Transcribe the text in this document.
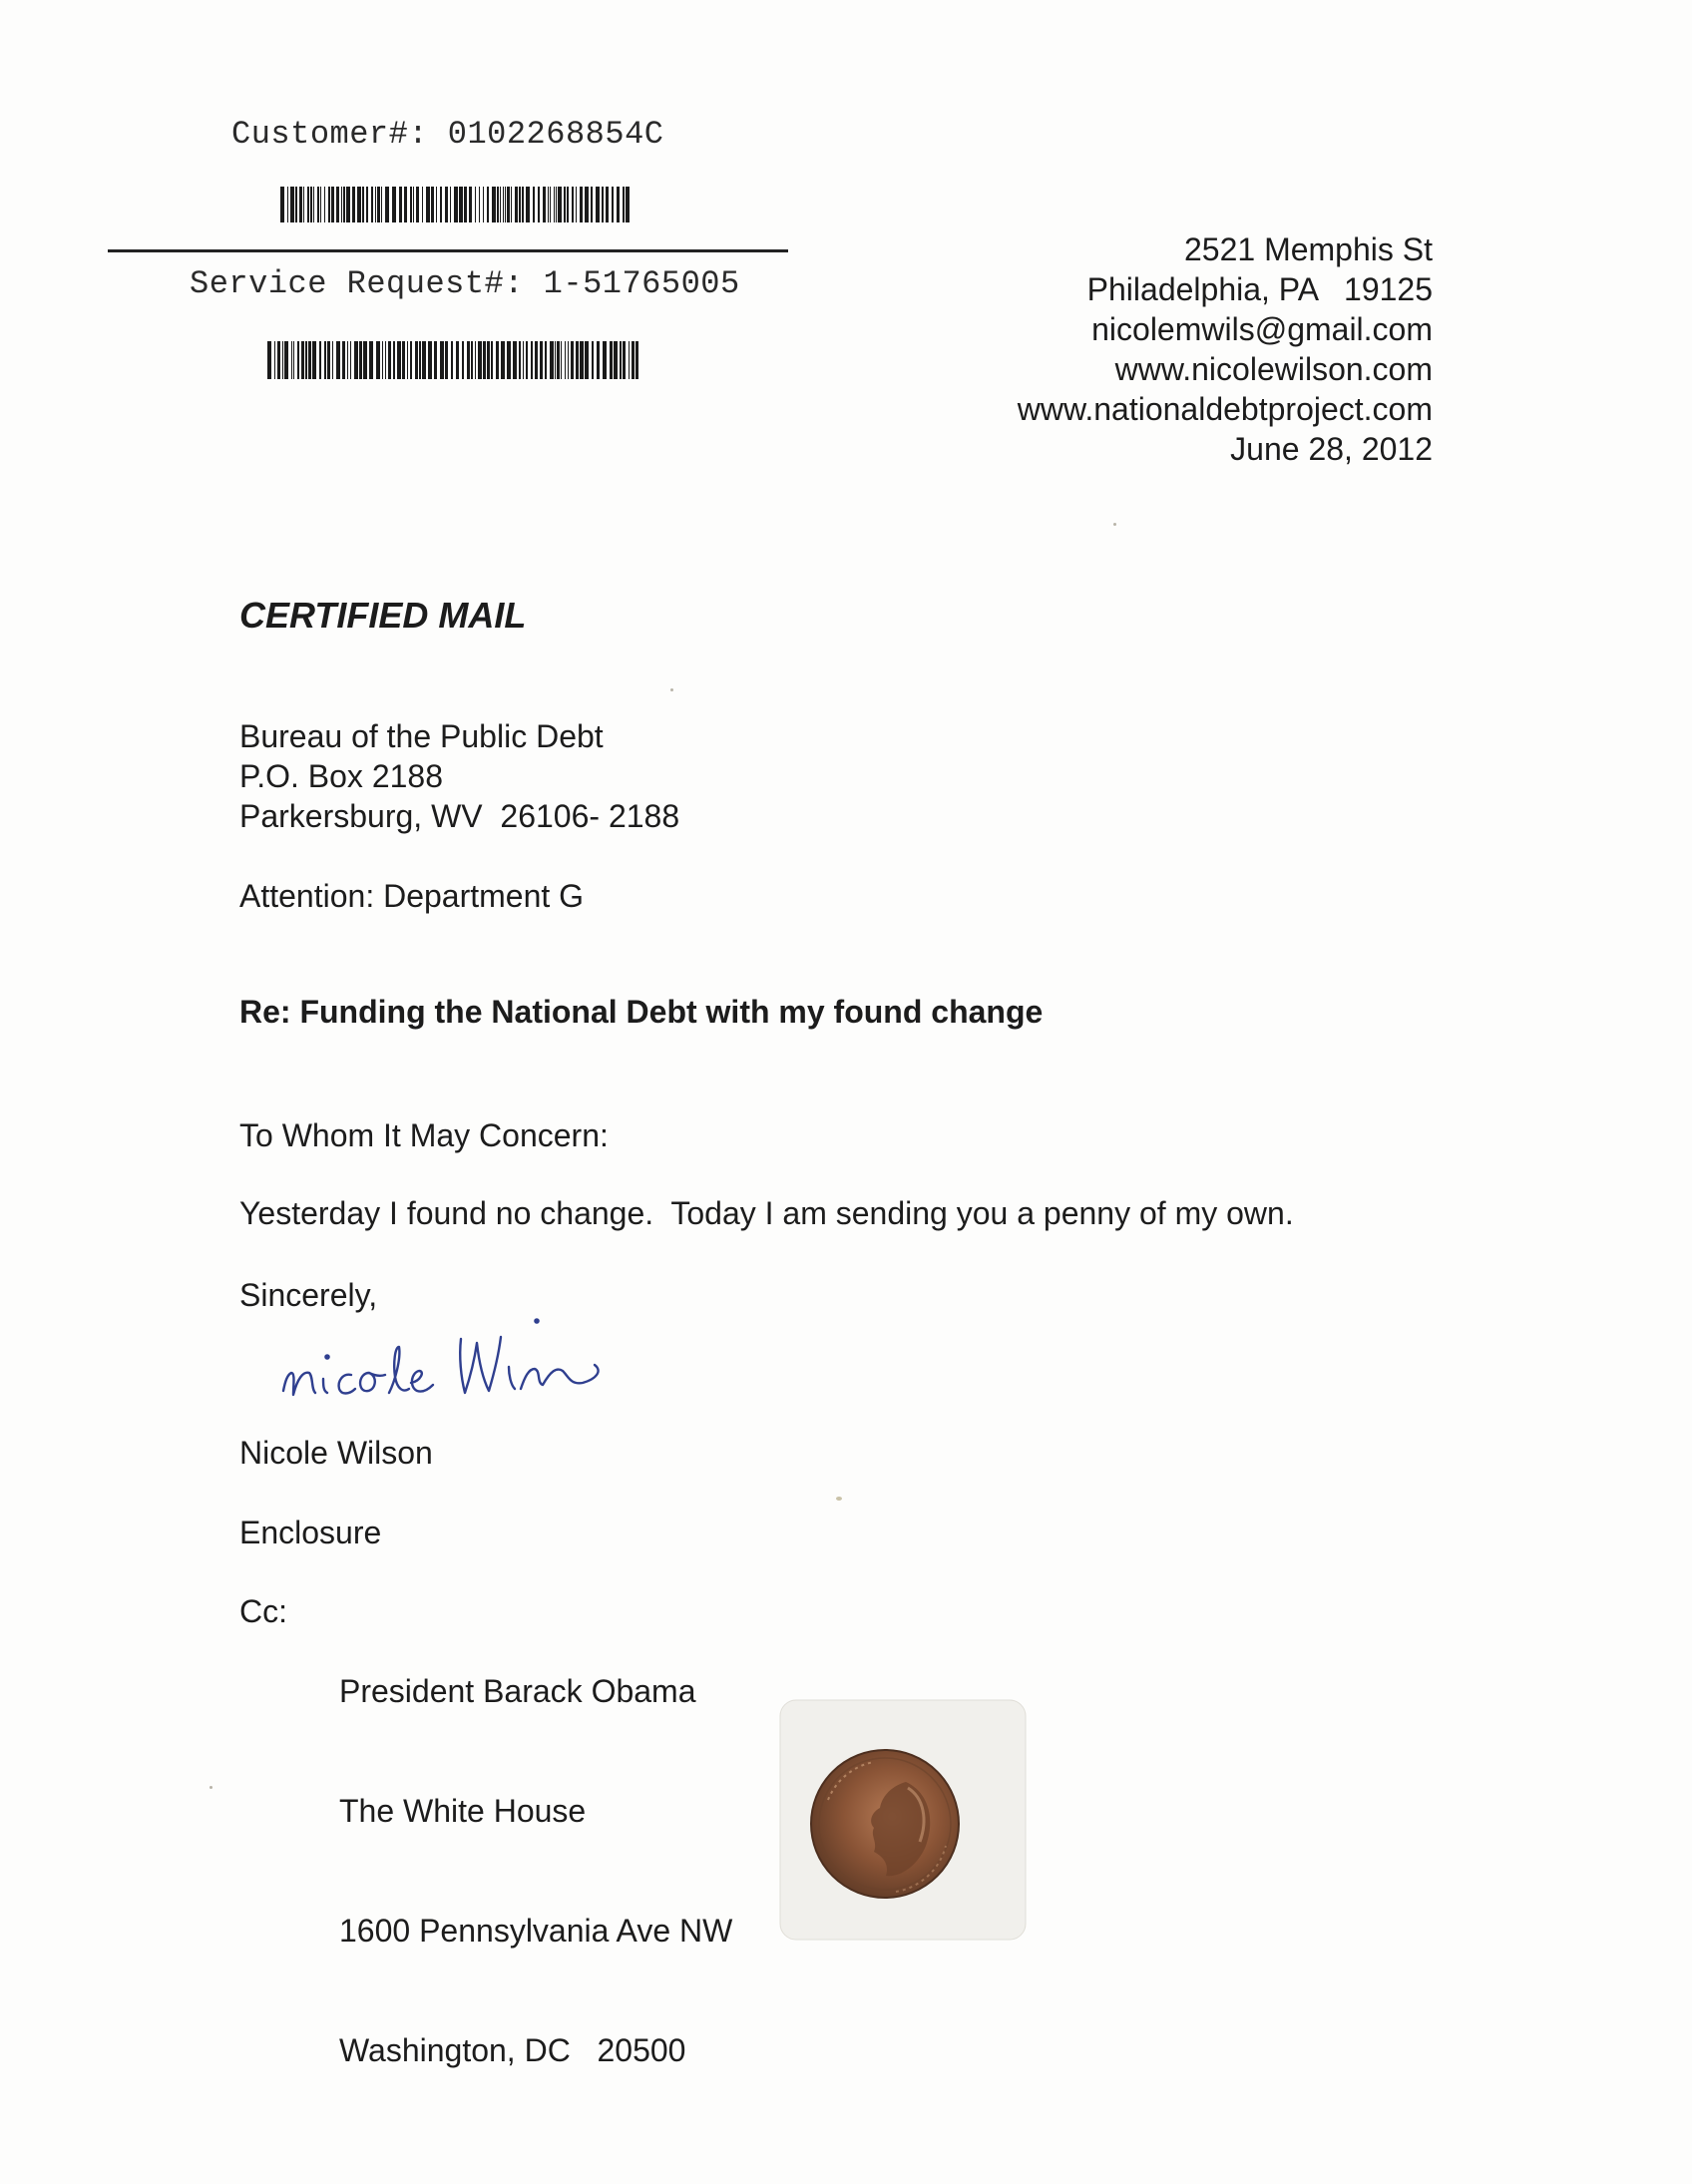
Customer#: 0102268854C
Service Request#: 1-51765005
2521 Memphis St
Philadelphia, PA   19125
nicolemwils@gmail.com
www.nicolewilson.com
www.nationaldebtproject.com
June 28, 2012
CERTIFIED MAIL
Bureau of the Public Debt
P.O. Box 2188
Parkersburg, WV  26106- 2188
Attention: Department G
Re: Funding the National Debt with my found change
To Whom It May Concern:
Yesterday I found no change.  Today I am sending you a penny of my own.
Sincerely,
Nicole Wilson
Enclosure
Cc:

President Barack Obama

The White House

1600 Pennsylvania Ave NW

Washington, DC   20500
